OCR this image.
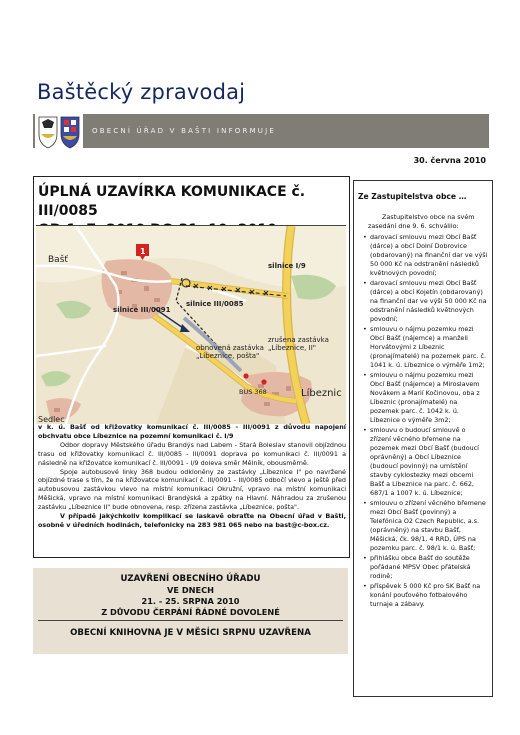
Baštěcký zpravodaj
OBECNÍ ÚŘAD V BAŠTI INFORMUJE
30. června 2010
ÚPLNÁ UZAVÍRKA KOMUNIKACE č. III/0085
Bašť
1
silnice I/9
silnice III/0085
silnice III/0091
zrušena zastávka
„Líbeznice, II"
obnovená zastávka
„Líbeznice, pošta"
BUS 368	Líbeznic
Sedlec

v k. ú. Bašť od křižovatky komunikací č. III/0085 - III/0091 z důvodu napojení obchvatu obce Líbeznice na pozemní komunikaci č. I/9

Odbor dopravy Městského úřadu Brandýs nad Labem - Stará Boleslav stanovil objízdnou trasu od křižovatky komunikací č. III/0085 - III/0091 doprava po komunikaci č. III/0091 a následně na křižovatce komunikací č. III/0091 - I/9 doleva směr Mělník, obousměrně.

Spoje autobusové linky 368 budou odkloněny ze zastávky „Líbeznice I" po navržené objízdné trase s tím, že na křižovatce komunikací č. III/0091 - III/0085 odbočí vlevo a ještě před autobusovou zastávkou vlevo na místní komunikaci Okružní, vpravo na místní komunikaci Měšická, vpravo na místní komunikaci Brandýská a zpátky na Hlavní. Náhradou za zrušenou zastávku „Líbeznice II" bude obnovena, resp. zřízena zastávka „Líbeznice, pošta".

V případě jakýchkoliv komplikací se laskavě obraťte na Obecní úřad v Bašti, osobně v úředních hodinách, telefonicky na 283 981 065 nebo na bast@c-box.cz.

UZAVŘENÍ OBECNÍHO ÚŘADU
VE DNECH
21. - 25. SRPNA 2010
Z DŮVODU ČERPÁNÍ ŘÁDNÉ DOVOLENÉ
OBECNÍ KNIHOVNA JE V MĚSÍCI SRPNU UZAVŘENA
Ze Zastupitelstva obce …
Zastupitelstvo obce na svém zasedání dne 9. 6. schválilo:
• darovací smlouvu mezi Obcí Bašť (dárce) a obcí Dolní Dobrovice (obdarovaný) na finanční dar ve výši 50 000 Kč na odstranění následků květnových povodní;
• darovací smlouvu mezi Obcí Bašť (dárce) a obcí Kojetín (obdarovaný) na finanční dar ve výši 50 000 Kč na odstranění následků květnových povodní;
• smlouvu o nájmu pozemku mezi Obcí Bašť (nájemce) a manželi Horvátovými z Líbeznic (pronajímatelé) na pozemek parc. č. 1041 k. ú. Líbeznice o výměře 1m2;
• smlouvu o nájmu pozemku mezi Obcí Bašť (nájemce) a Miroslavem Novákem a Marií Kočinovou, oba z Líbeznic (pronajímatelé) na pozemek parc. č. 1042 k. ú. Líbeznice o výměře 3m2;
• smlouvu o budoucí smlouvě o zřízení věcného břemene na pozemek mezi Obcí Bašť (budoucí oprávněný) a Obcí Líbeznice (budoucí povinný) na umístění stavby cyklostezky mezi obcemi Bašť a Líbeznice na parc. č. 662, 687/1 a 1007 k. ú. Líbeznice;
• smlouvu o zřízení věcného břemene mezi Obcí Bašť (povinný) a Telefónica O2 Czech Republic, a.s. (oprávněný) na stavbu Bašť, Měšická, čk. 98/1, 4 RRD, ÚPS na pozemku parc. č. 98/1 k. ú. Bašť;
• přihlášku obce Bašť do soutěže pořádané MPSV Obec přátelská rodině;
• příspěvek 5 000 Kč pro SK Bašť na konání pouťového fotbalového turnaje a zábavy.
